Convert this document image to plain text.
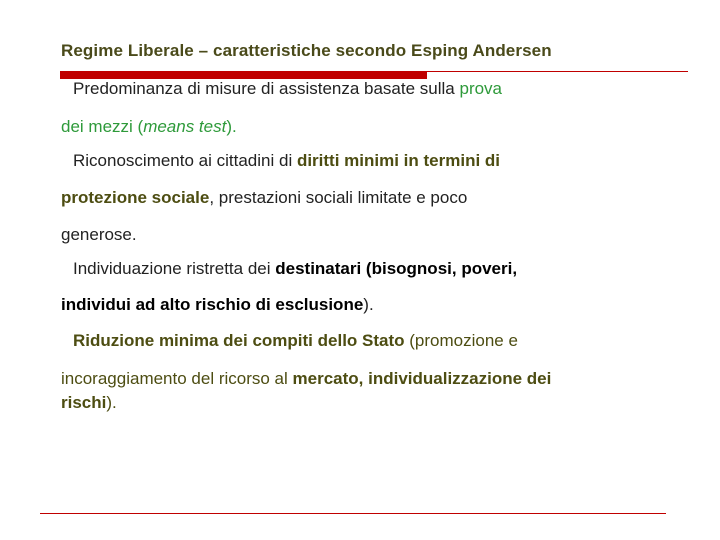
Regime Liberale – caratteristiche secondo Esping Andersen
Predominanza di misure di assistenza basate sulla prova
dei mezzi (means test).
Riconoscimento ai cittadini di diritti minimi in termini di
protezione sociale, prestazioni sociali limitate e poco
generose.
Individuazione ristretta dei destinatari (bisognosi, poveri,
individui ad alto rischio di esclusione).
Riduzione minima dei compiti dello Stato (promozione e
incoraggiamento del ricorso al mercato, individualizzazione dei
rischi).
